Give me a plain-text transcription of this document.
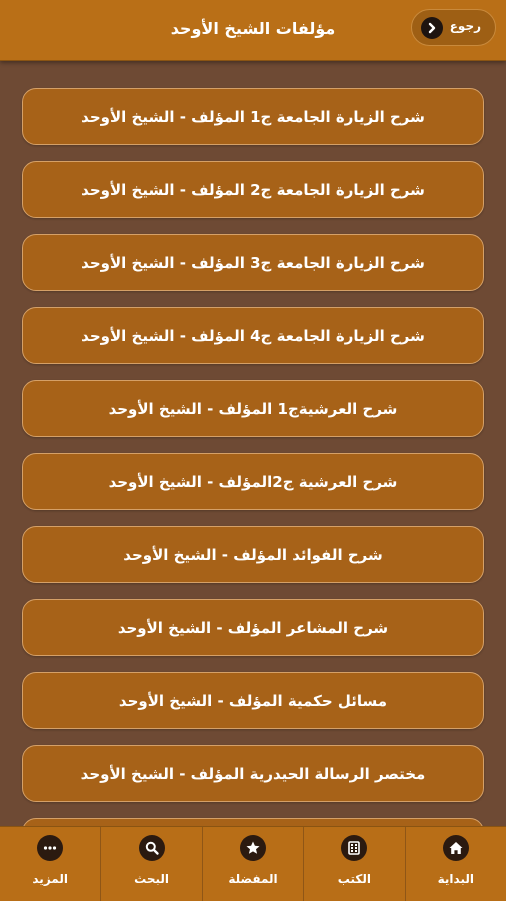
مؤلفات الشيخ الأوحد	رجوع
شرح الزيارة الجامعة ج1 المؤلف - الشيخ الأوحد
شرح الزيارة الجامعة ج2 المؤلف - الشيخ الأوحد
شرح الزيارة الجامعة ج3 المؤلف - الشيخ الأوحد
شرح الزيارة الجامعة ج4 المؤلف - الشيخ الأوحد
شرح العرشيةج1 المؤلف - الشيخ الأوحد
شرح العرشية ج2المؤلف - الشيخ الأوحد
شرح الفوائد المؤلف - الشيخ الأوحد
شرح المشاعر المؤلف - الشيخ الأوحد
مسائل حكمية المؤلف - الشيخ الأوحد
مختصر الرسالة الحيدرية المؤلف - الشيخ الأوحد
البداية
الكتب
المفضلة
البحث
المزيد
